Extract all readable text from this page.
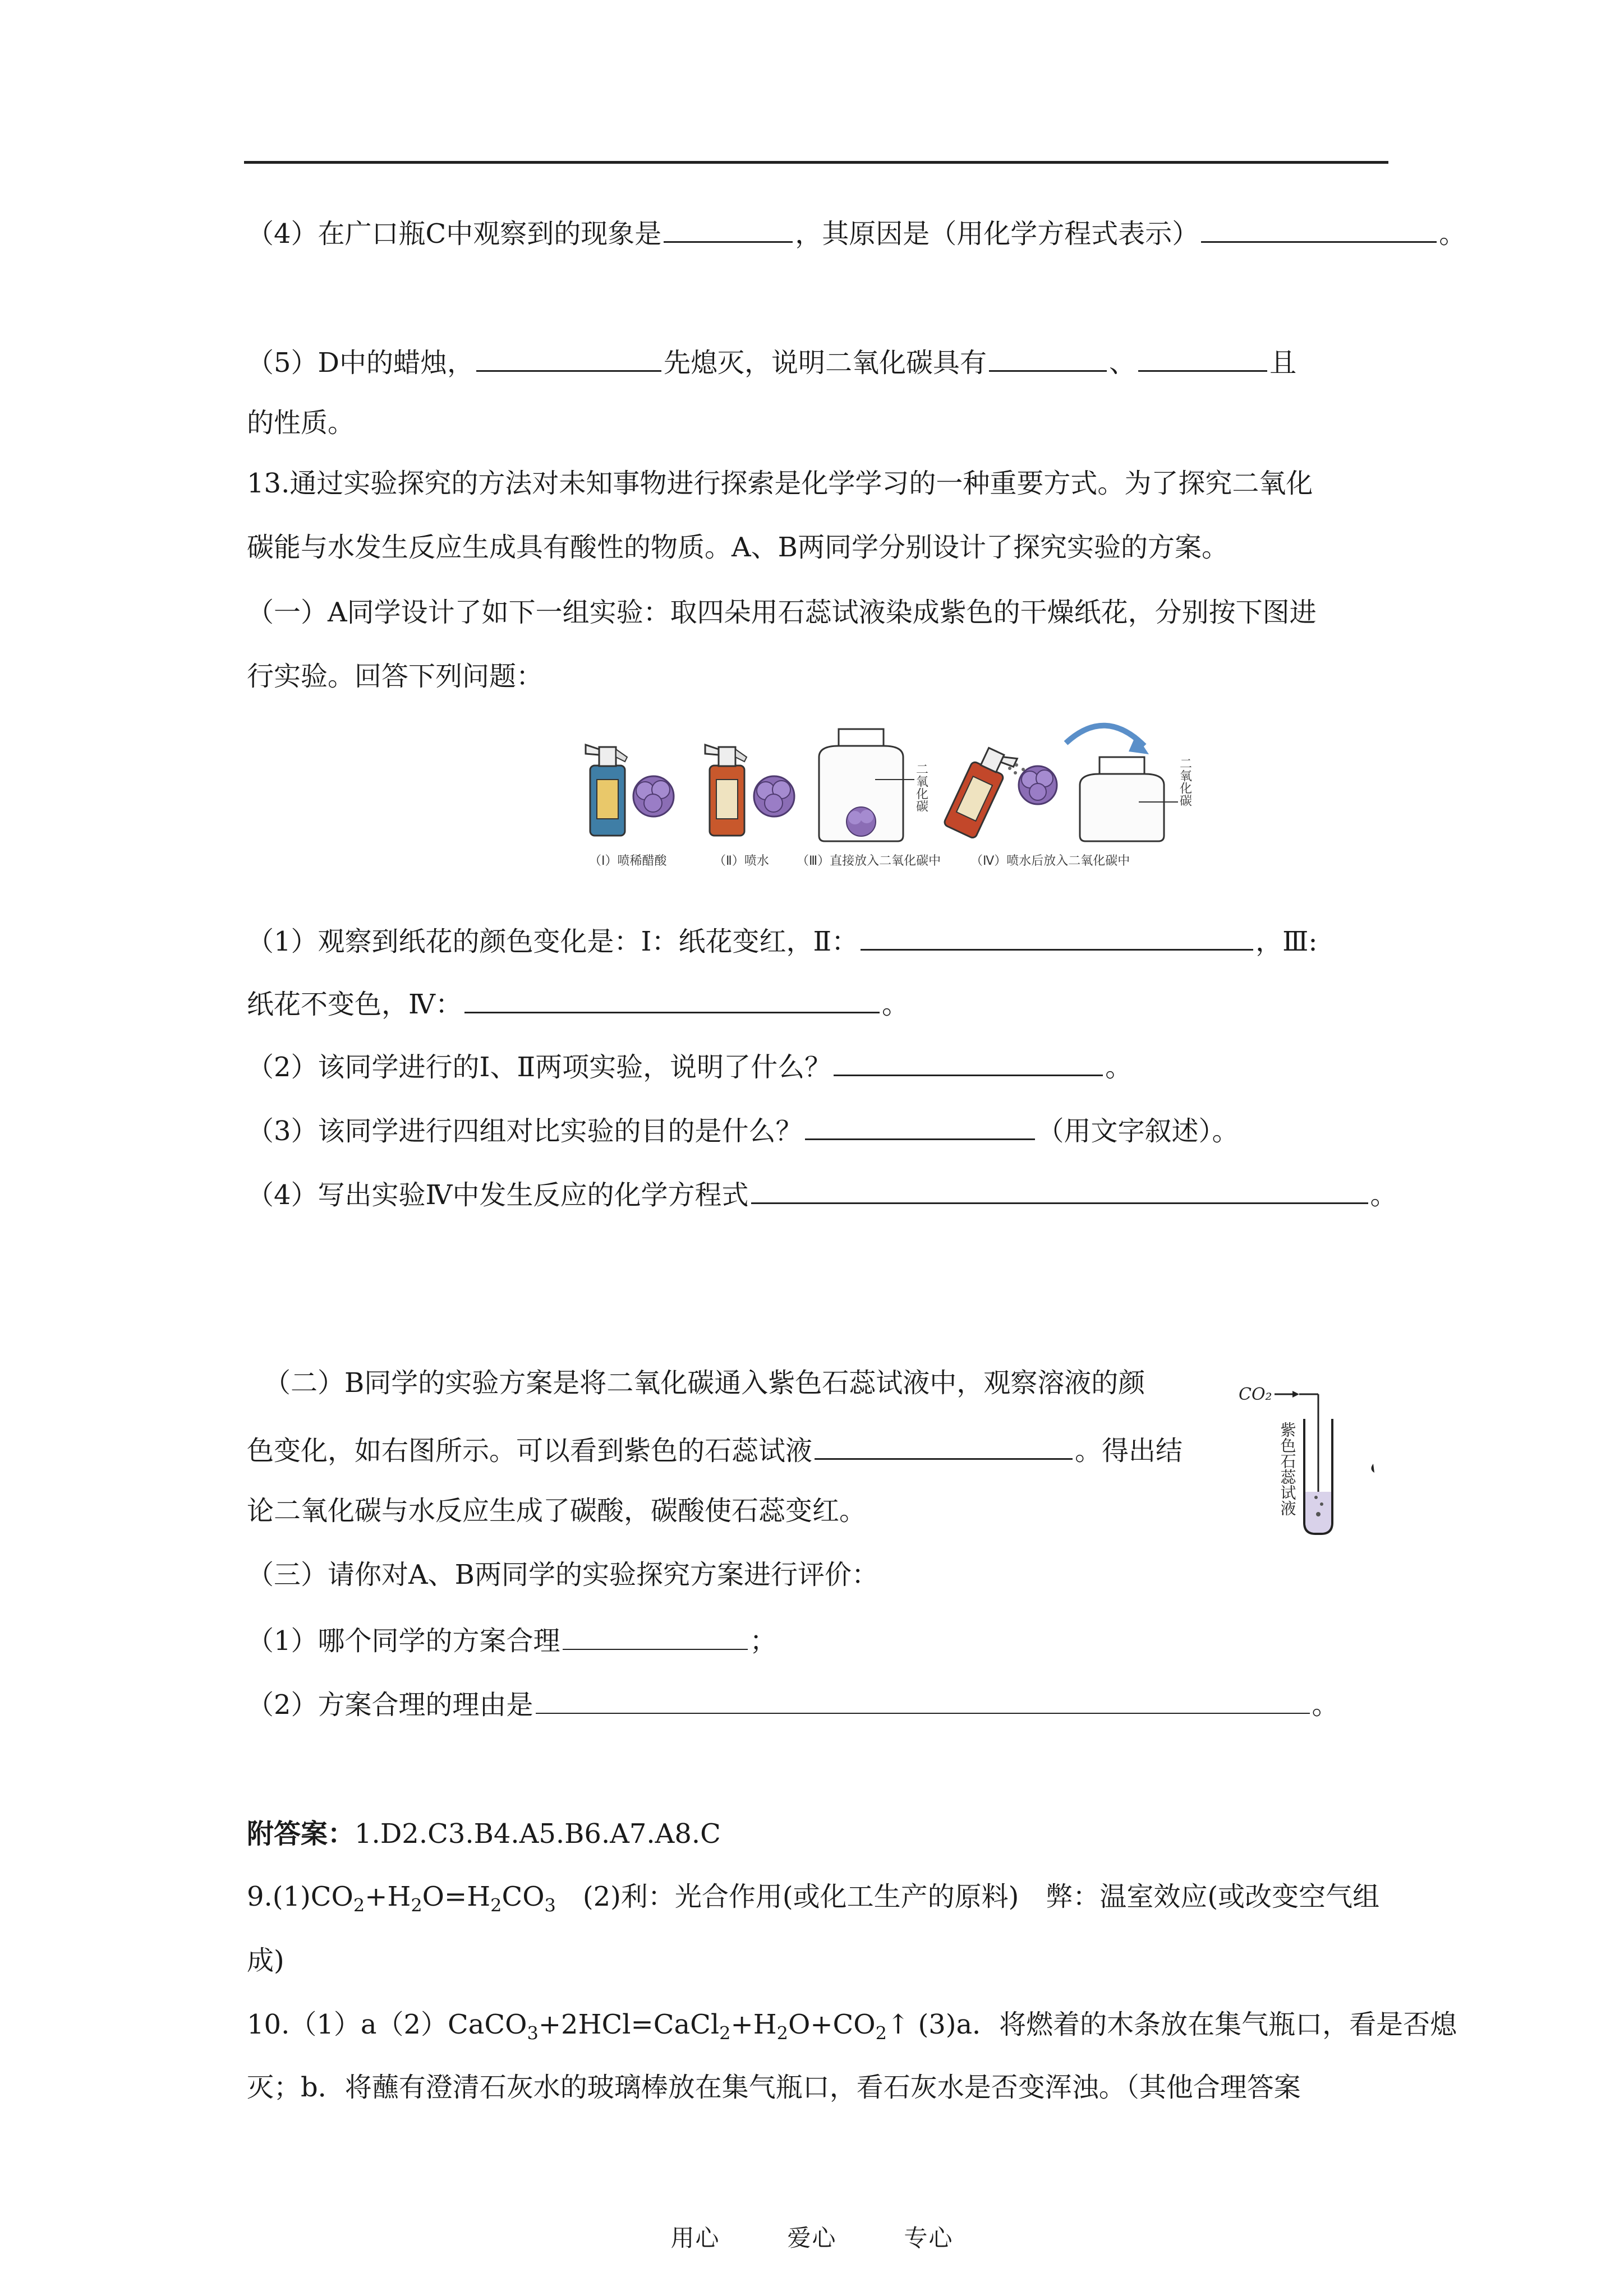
（4）在广口瓶C中观察到的现象是	，其原因是（用化学方程式表示）	。
（5）D中的蜡烛，	先熄灭，说明二氧化碳具有	、	且
的性质。
13.通过实验探究的方法对未知事物进行探索是化学学习的一种重要方式。为了探究二氧化
碳能与水发生反应生成具有酸性的物质。A、B两同学分别设计了探究实验的方案。
（一）A同学设计了如下一组实验：取四朵用石蕊试液染成紫色的干燥纸花，分别按下图进
行实验。回答下列问题：
二氧化碳	二氧化碳
（Ⅰ）喷稀醋酸	（Ⅱ）喷水 （Ⅲ）直接放入二氧化碳中 （Ⅳ）喷水后放入二氧化碳中
（1）观察到纸花的颜色变化是：Ⅰ：纸花变红，Ⅱ：	，Ⅲ:
纸花不变色，Ⅳ：	。
（2）该同学进行的Ⅰ、Ⅱ两项实验，说明了什么？	。
（3）该同学进行四组对比实验的目的是什么？	（用文字叙述）。
（4）写出实验Ⅳ中发生反应的化学方程式	。
（二）B同学的实验方案是将二氧化碳通入紫色石蕊试液中，观察溶液的颜
色变化，如右图所示。可以看到紫色的石蕊试液	。得出结
论二氧化碳与水反应生成了碳酸，碳酸使石蕊变红。
CO₂
紫色石蕊试液
（三）请你对A、B两同学的实验探究方案进行评价：
（1）哪个同学的方案合理	；
（2）方案合理的理由是	。
附答案：1.D2.C3.B4.A5.B6.A7.A8.C
$9.(1)CO_2+H_2O=H_2CO_3$　(2)利：光合作用(或化工生产的原料)　弊：温室效应(或改变空气组
成)
$10.(1)a(2)CaCO_3+2HCl=CaCl_2+H_2O+CO_2↑$ (3)a．将燃着的木条放在集气瓶口，看是否熄
灭；b．将蘸有澄清石灰水的玻璃棒放在集气瓶口，看石灰水是否变浑浊。（其他合理答案
用心	爱心	专心
